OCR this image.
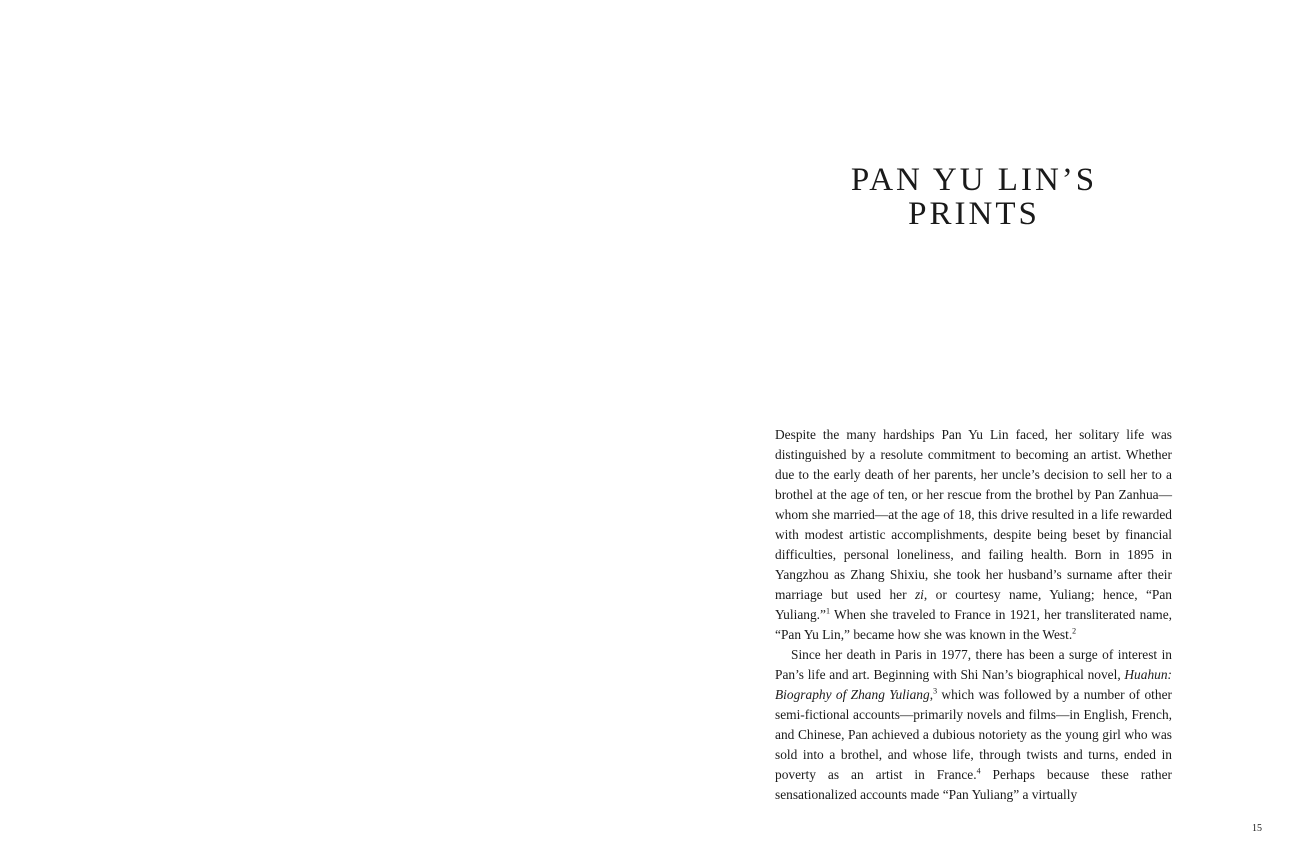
PAN YU LIN’S
PRINTS

Despite the many hardships Pan Yu Lin faced, her solitary life was distinguished by a resolute commitment to becoming an artist. Whether due to the early death of her parents, her uncle’s decision to sell her to a brothel at the age of ten, or her rescue from the brothel by Pan Zanhua—whom she married—at the age of 18, this drive resulted in a life rewarded with modest artistic accomplishments, despite being beset by financial difficulties, personal loneliness, and failing health. Born in 1895 in Yangzhou as Zhang Shixiu, she took her husband’s surname after their marriage but used her zi, or courtesy name, Yuliang; hence, “Pan Yuliang.”$^1$ When she traveled to France in 1921, her transliterated name, “Pan Yu Lin,” became how she was known in the West.$^2$

Since her death in Paris in 1977, there has been a surge of interest in Pan’s life and art. Beginning with Shi Nan’s biographical novel, Huahun: Biography of Zhang Yuliang,$^3$ which was followed by a number of other semi-fictional accounts—primarily novels and films—in English, French, and Chinese, Pan achieved a dubious notoriety as the young girl who was sold into a brothel, and whose life, through twists and turns, ended in poverty as an artist in France.$^4$ Perhaps because these rather sensationalized accounts made “Pan Yuliang” a virtually

15
